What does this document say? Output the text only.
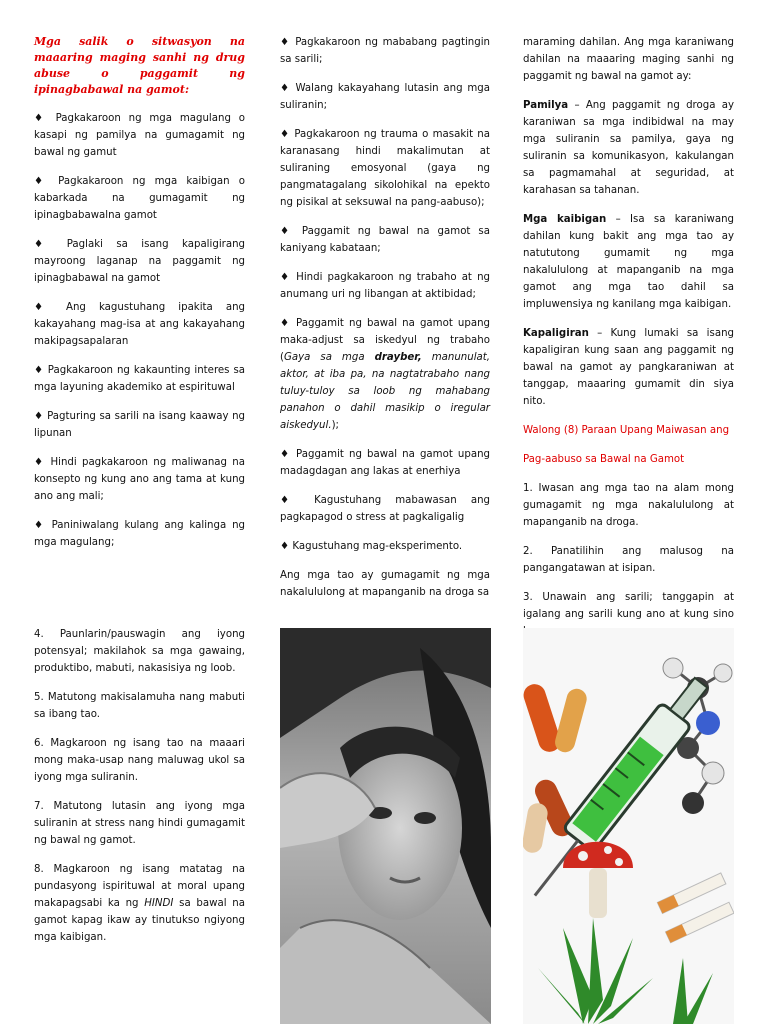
Mga salik o sitwasyon na maaaring maging sanhi ng drug abuse o paggamit ng ipinagbabawal na gamot:

♦ Pagkakaroon ng mga magulang o kasapi ng pamilya na gumagamit ng bawal ng gamut

♦ Pagkakaroon ng mga kaibigan o kabarkada na gumagamit ng ipinagbabawalna gamot

♦ Paglaki sa isang kapaligirang mayroong laganap na paggamit ng ipinagbabawal na gamot

♦ Ang kagustuhang ipakita ang kakayahang mag-isa at ang kakayahang makipagsapalaran

♦ Pagkakaroon ng kakaunting interes sa mga layuning akademiko at espirituwal

♦ Pagturing sa sarili na isang kaaway ng lipunan

♦ Hindi pagkakaroon ng maliwanag na konsepto ng kung ano ang tama at kung ano ang mali;

♦ Paniniwalang kulang ang kalinga ng mga magulang;

♦ Pagkakaroon ng mababang pagtingin sa sarili;

♦ Walang kakayahang lutasin ang mga suliranin;

♦ Pagkakaroon ng trauma o masakit na karanasang hindi makalimutan at suliraning emosyonal (gaya ng pangmatagalang sikolohikal na epekto ng pisikal at seksuwal na pang-aabuso);

♦ Paggamit ng bawal na gamot sa kaniyang kabataan;

♦ Hindi pagkakaroon ng trabaho at ng anumang uri ng libangan at aktibidad;

♦ Paggamit ng bawal na gamot upang maka-adjust sa iskedyul ng trabaho (Gaya sa mga drayber, manunulat, aktor, at iba pa, na nagtatrabaho nang tuluy-tuloy sa loob ng mahabang panahon o dahil masikip o iregular aiskedyul.);

♦ Paggamit ng bawal na gamot upang madagdagan ang lakas at enerhiya

♦ Kagustuhang mabawasan ang pagkapagod o stress at pagkaligalig

♦ Kagustuhang mag-eksperimento.

Ang mga tao ay gumagamit ng mga nakalululong at mapanganib na droga sa

maraming dahilan. Ang mga karaniwang dahilan na maaaring maging sanhi ng paggamit ng bawal na gamot ay:

Pamilya – Ang paggamit ng droga ay karaniwan sa mga indibidwal na may mga suliranin sa pamilya, gaya ng suliranin sa komunikasyon, kakulangan sa pagmamahal at seguridad, at karahasan sa tahanan.

Mga kaibigan – Isa sa karaniwang dahilan kung bakit ang mga tao ay natututong gumamit ng mga nakalululong at mapanganib na mga gamot ang mga tao dahil sa impluwensiya ng kanilang mga kaibigan.

Kapaligiran – Kung lumaki sa isang kapaligiran kung saan ang paggamit ng bawal na gamot ay pangkaraniwan at tanggap, maaaring gumamit din siya nito.

Walong (8) Paraan Upang Maiwasan ang

Pag-aabuso sa Bawal na Gamot

1. Iwasan ang mga tao na alam mong gumagamit ng mga nakalululong at mapanganib na droga.

2. Panatilihin ang malusog na pangangatawan at isipan.

3. Unawain ang sarili; tanggapin at igalang ang sarili kung ano at kung sino

4. Paunlarin/pauswagin ang iyong potensyal; makilahok sa mga gawaing, produktibo, mabuti, nakasisiya ng loob.

5. Matutong makisalamuha nang mabuti sa ibang tao.

6. Magkaroon ng isang tao na maaari mong maka-usap nang maluwag ukol sa iyong mga suliranin.

7. Matutong lutasin ang iyong mga suliranin at stress nang hindi gumagamit ng bawal ng gamot.

8. Magkaroon ng isang matatag na pundasyong ispirituwal at moral upang makapagsabi ka ng HINDI sa bawal na gamot kapag ikaw ay tinutukso ngiyong mga kaibigan.
